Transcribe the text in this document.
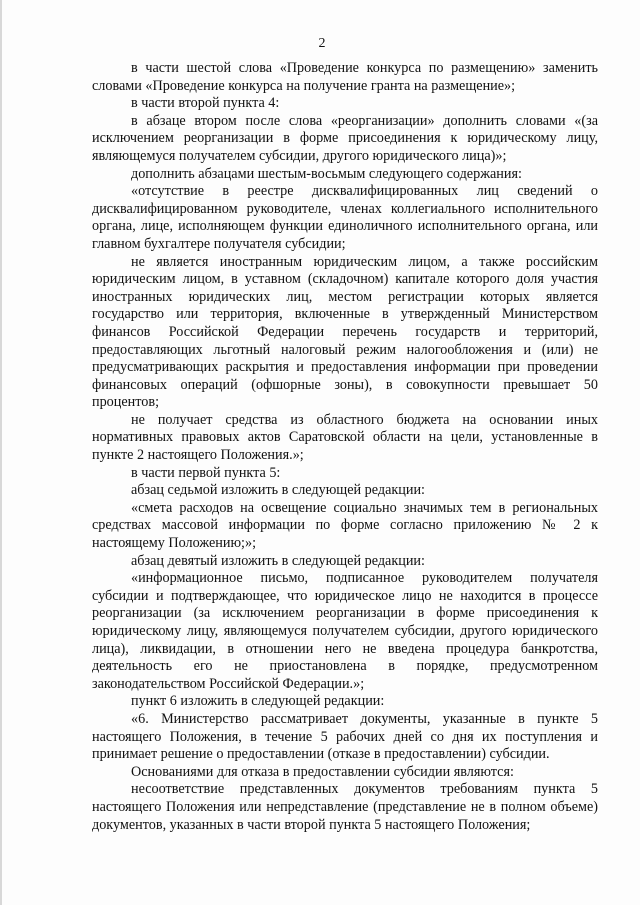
2

в части шестой слова «Проведение конкурса по размещению» заменить словами «Проведение конкурса на получение гранта на размещение»;

в части второй пункта 4:

в абзаце втором после слова «реорганизации» дополнить словами «(за исключением реорганизации в форме присоединения к юридическому лицу, являющемуся получателем субсидии, другого юридического лица)»;

дополнить абзацами шестым-восьмым следующего содержания:

«отсутствие в реестре дисквалифицированных лиц сведений о дисквалифицированном руководителе, членах коллегиального исполнительного органа, лице, исполняющем функции единоличного исполнительного органа, или главном бухгалтере получателя субсидии;

не является иностранным юридическим лицом, а также российским юридическим лицом, в уставном (складочном) капитале которого доля участия иностранных юридических лиц, местом регистрации которых является государство или территория, включенные в утвержденный Министерством финансов Российской Федерации перечень государств и территорий, предоставляющих льготный налоговый режим налогообложения и (или) не предусматривающих раскрытия и предоставления информации при проведении финансовых операций (офшорные зоны), в совокупности превышает 50 процентов;

не получает средства из областного бюджета на основании иных нормативных правовых актов Саратовской области на цели, установленные в пункте 2 настоящего Положения.»;

в части первой пункта 5:

абзац седьмой изложить в следующей редакции:

«смета расходов на освещение социально значимых тем в региональных средствах массовой информации по форме согласно приложению № 2 к настоящему Положению;»;

абзац девятый изложить в следующей редакции:

«информационное письмо, подписанное руководителем получателя субсидии и подтверждающее, что юридическое лицо не находится в процессе реорганизации (за исключением реорганизации в форме присоединения к юридическому лицу, являющемуся получателем субсидии, другого юридического лица), ликвидации, в отношении него не введена процедура банкротства, деятельность его не приостановлена в порядке, предусмотренном законодательством Российской Федерации.»;

пункт 6 изложить в следующей редакции:

«6. Министерство рассматривает документы, указанные в пункте 5 настоящего Положения, в течение 5 рабочих дней со дня их поступления и принимает решение о предоставлении (отказе в предоставлении) субсидии.

Основаниями для отказа в предоставлении субсидии являются:

несоответствие представленных документов требованиям пункта 5 настоящего Положения или непредставление (представление не в полном объеме) документов, указанных в части второй пункта 5 настоящего Положения;
